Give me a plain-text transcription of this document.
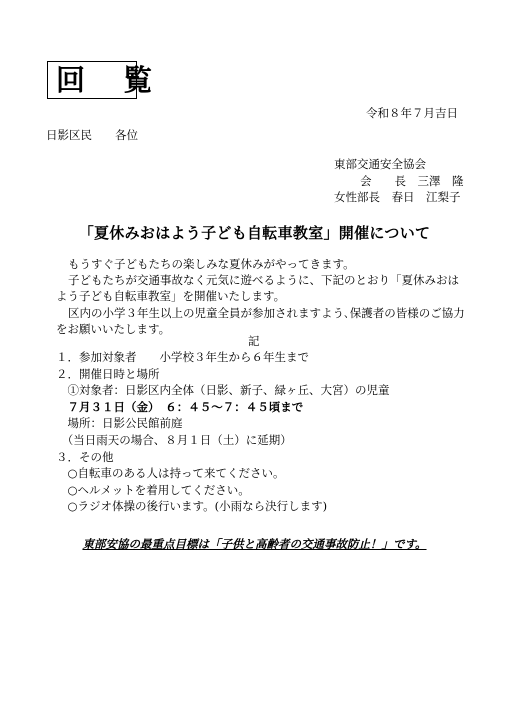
回 覧
令和８年７月吉日
日影区民　　各位
東部交通安全協会
会　　長　三澤　隆
女性部長　春日　江梨子
「夏休みおはよう子ども自転車教室」開催について

もうすぐ子どもたちの楽しみな夏休みがやってきます。

子どもたちが交通事故なく元気に遊べるように、下記のとおり「夏休みおはよう子ども自転車教室」を開催いたします。

区内の小学３年生以上の児童全員が参加されますよう､保護者の皆様のご協力をお願いいたします。

記
１．参加対象者　　小学校３年生から６年生まで
２．開催日時と場所
　①対象者：日影区内全体（日影、新子、緑ヶ丘、大宮）の児童
　７月３１日（金）　６：４５～７：４５頃まで
　場所：日影公民館前庭
　（当日雨天の場合、８月１日（土）に延期）
３．その他
　○自転車のある人は持って来てください。
　○ヘルメットを着用してください。
　○ラジオ体操の後行います。(小雨なら決行します)
東部安協の最重点目標は「子供と高齢者の交通事故防止！」です。
